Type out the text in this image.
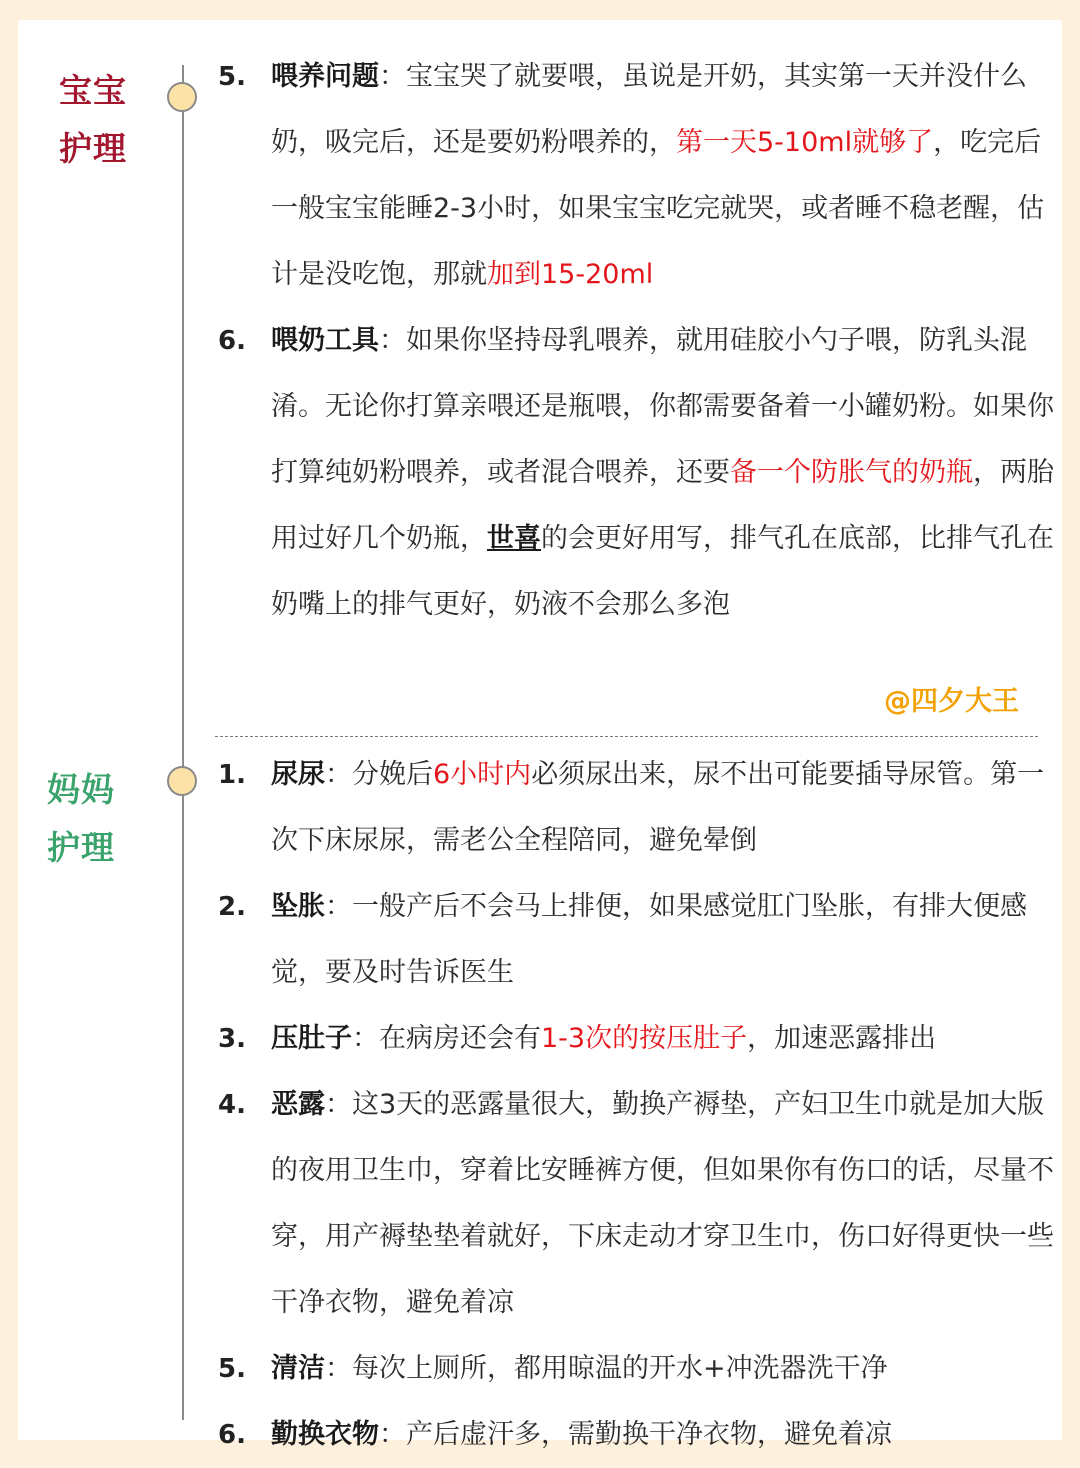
宝宝
护理
5. 喂养问题：宝宝哭了就要喂，虽说是开奶，其实第一天并没什么奶，吸完后，还是要奶粉喂养的，第一天5-10ml就够了，吃完后一般宝宝能睡2-3小时，如果宝宝吃完就哭，或者睡不稳老醒，估计是没吃饱，那就加到15-20ml
6. 喂奶工具：如果你坚持母乳喂养，就用硅胶小勺子喂，防乳头混淆。无论你打算亲喂还是瓶喂，你都需要备着一小罐奶粉。如果你打算纯奶粉喂养，或者混合喂养，还要备一个防胀气的奶瓶，两胎用过好几个奶瓶，世喜的会更好用写，排气孔在底部，比排气孔在奶嘴上的排气更好，奶液不会那么多泡
@四夕大王
妈妈
护理
1. 尿尿：分娩后6小时内必须尿出来，尿不出可能要插导尿管。第一次下床尿尿，需老公全程陪同，避免晕倒
2. 坠胀：一般产后不会马上排便，如果感觉肛门坠胀，有排大便感觉，要及时告诉医生
3. 压肚子：在病房还会有1-3次的按压肚子，加速恶露排出
4. 恶露：这3天的恶露量很大，勤换产褥垫，产妇卫生巾就是加大版的夜用卫生巾，穿着比安睡裤方便，但如果你有伤口的话，尽量不穿，用产褥垫垫着就好，下床走动才穿卫生巾，伤口好得更快一些干净衣物，避免着凉
5. 清洁：每次上厕所，都用晾温的开水+冲洗器洗干净
6. 勤换衣物：产后虚汗多，需勤换干净衣物，避免着凉
